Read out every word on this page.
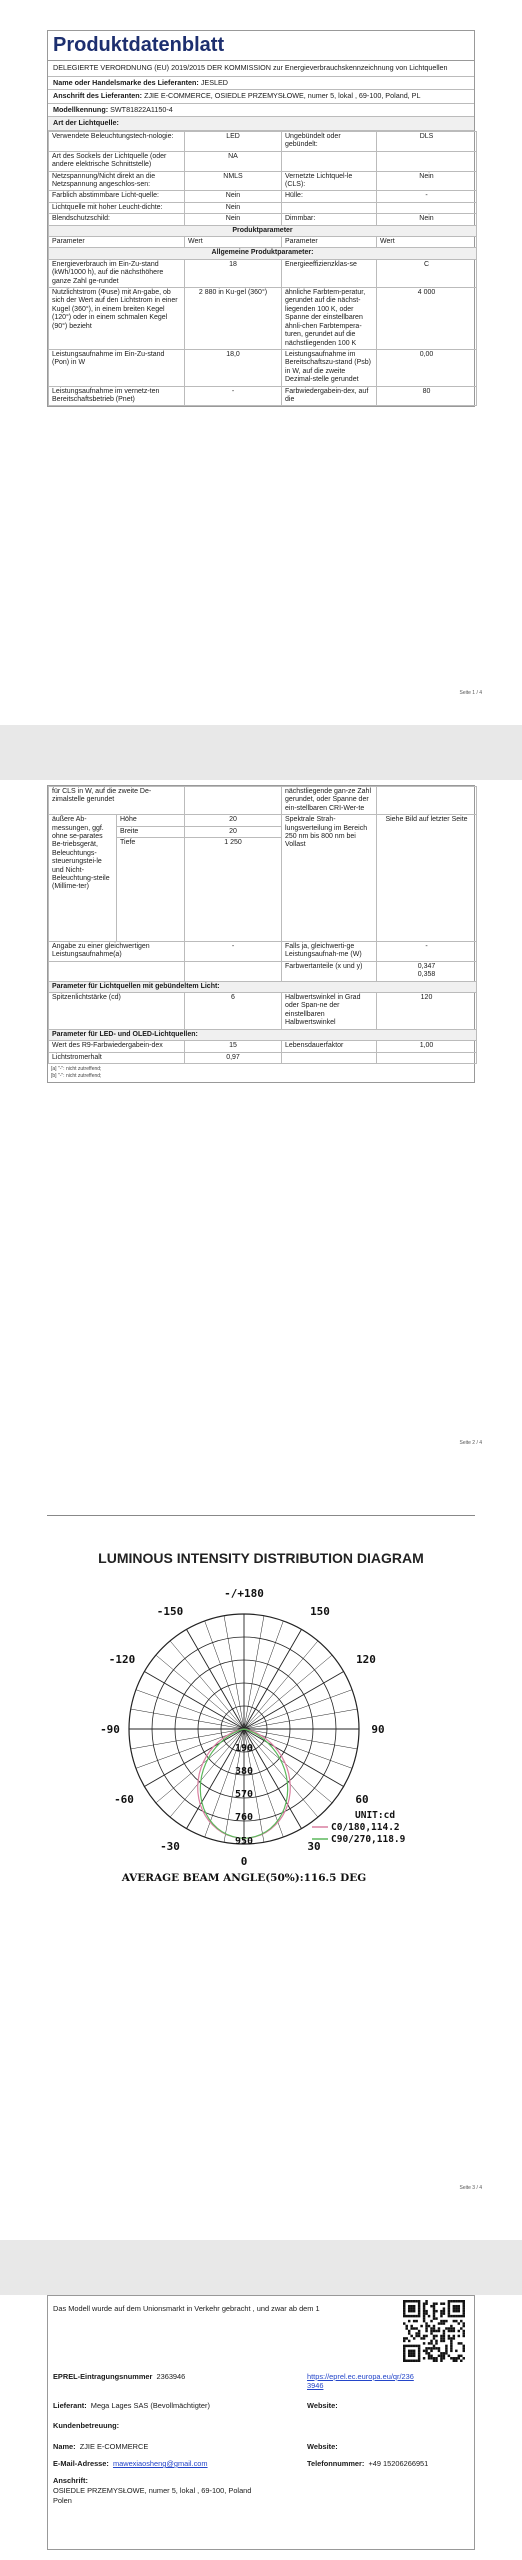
Produktdatenblatt
DELEGIERTE VERORDNUNG (EU) 2019/2015 DER KOMMISSION zur Energieverbrauchskennzeichnung von Lichtquellen
Name oder Handelsmarke des Lieferanten: JESLED
Anschrift des Lieferanten: ZJIE E-COMMERCE, OSIEDLE PRZEMYSŁOWE, numer 5, lokal , 69-100, Poland, PL
Modellkennung: SWT81822A1150-4
Art der Lichtquelle:
Verwendete Beleuchtungstech-nologie:	LED	Ungebündelt oder gebündelt:	DLS
Art des Sockels der Lichtquelle (oder andere elektrische Schnittstelle)	NA		
Netzspannung/Nicht direkt an die Netzspannung angeschlos-sen:	NMLS	Vernetzte Lichtquel-le (CLS):	Nein
Farblich abstimmbare Licht-quelle:	Nein	Hülle:	-
Lichtquelle mit hoher Leucht-dichte:	Nein		
Blendschutzschild:	Nein	Dimmbar:	Nein
Produktparameter			
Parameter	Wert	Parameter	Wert
Allgemeine Produktparameter:			
Energieverbrauch im Ein-Zu-stand (kWh/1000 h), auf die nächsthöhere ganze Zahl ge-rundet	18	Energieeffizienzklas-se	C
Nutzlichtstrom (Φuse) mit An-gabe, ob sich der Wert auf den Lichtstrom in einer Kugel (360°), in einem breiten Kegel (120°) oder in einem schmalen Kegel (90°) bezieht	2 880 in Ku-gel (360°)	ähnliche Farbtem-peratur, gerundet auf die nächst-liegenden 100 K, oder Spanne der einstellbaren ähnli-chen Farbtempera-turen, gerundet auf die nächstliegenden 100 K	4 000
Leistungsaufnahme im Ein-Zu-stand (Pon) in W	18,0	Leistungsaufnahme im Bereitschaftszu-stand (Psb) in W, auf die zweite Dezimal-stelle gerundet	0,00
Leistungsaufnahme im vernetz-ten Bereitschaftsbetrieb (Pnet)	-	Farbwiedergabein-dex, auf die	80
Seite 1 / 4
für CLS in W, auf die zweite De-zimalstelle gerundet			nächstliegende gan-ze Zahl gerundet, oder Spanne der ein-stellbaren CRI-Wer-te	
äußere Ab-messungen, ggf. ohne se-parates Be-triebsgerät, Beleuchtungs-steuerungstei-le und Nicht-Beleuchtung-steile (Millime-ter)	Höhe	20	Spektrale Strah-lungsverteilung im Bereich 250 nm bis 800 nm bei Vollast	Siehe Bild auf letzter Seite
	Breite	20		
	Tiefe	1 250		
Angabe zu einer gleichwertigen Leistungsaufnahme(a)		-	Falls ja, gleichwerti-ge Leistungsaufnah-me (W)	-
			Farbwertanteile (x und y)	0,347
0,358

Parameter für Lichtquellen mit gebündeltem Licht:				
Spitzenlichtstärke (cd)		6	Halbwertswinkel in Grad oder Span-ne der einstellbaren Halbwertswinkel	120
Parameter für LED- und OLED-Lichtquellen:				
Wert des R9-Farbwiedergabein-dex		15	Lebensdauerfaktor	1,00
Lichtstromerhalt		0,97		
[a] "-": nicht zutreffend;
[b] "-": nicht zutreffend;
Seite 2 / 4
LUMINOUS INTENSITY DISTRIBUTION DIAGRAM
-/+180
-150	150
-120	120
-90	90
-60	60
-30	30
0
190
380
570
760
950
UNIT:cd
C0/180,114.2
C90/270,118.9
AVERAGE BEAM ANGLE(50%):116.5 DEG
Seite 3 / 4
Das Modell wurde auf dem Unionsmarkt in Verkehr gebracht , und zwar ab dem 1
EPREL-Eintragungsnummer 2363946	https://eprel.ec.europa.eu/qr/2363946
Lieferant: Mega Lages SAS (Bevollmächtigter)	Website:
Kundenbetreuung:
Name: ZJIE E-COMMERCE	Website:
E-Mail-Adresse: mawexiaosheng@gmail.com	Telefonnummer: +49 15206266951
Anschrift:
OSIEDLE PRZEMYSŁOWE, numer 5, lokal , 69-100, Poland
Polen
